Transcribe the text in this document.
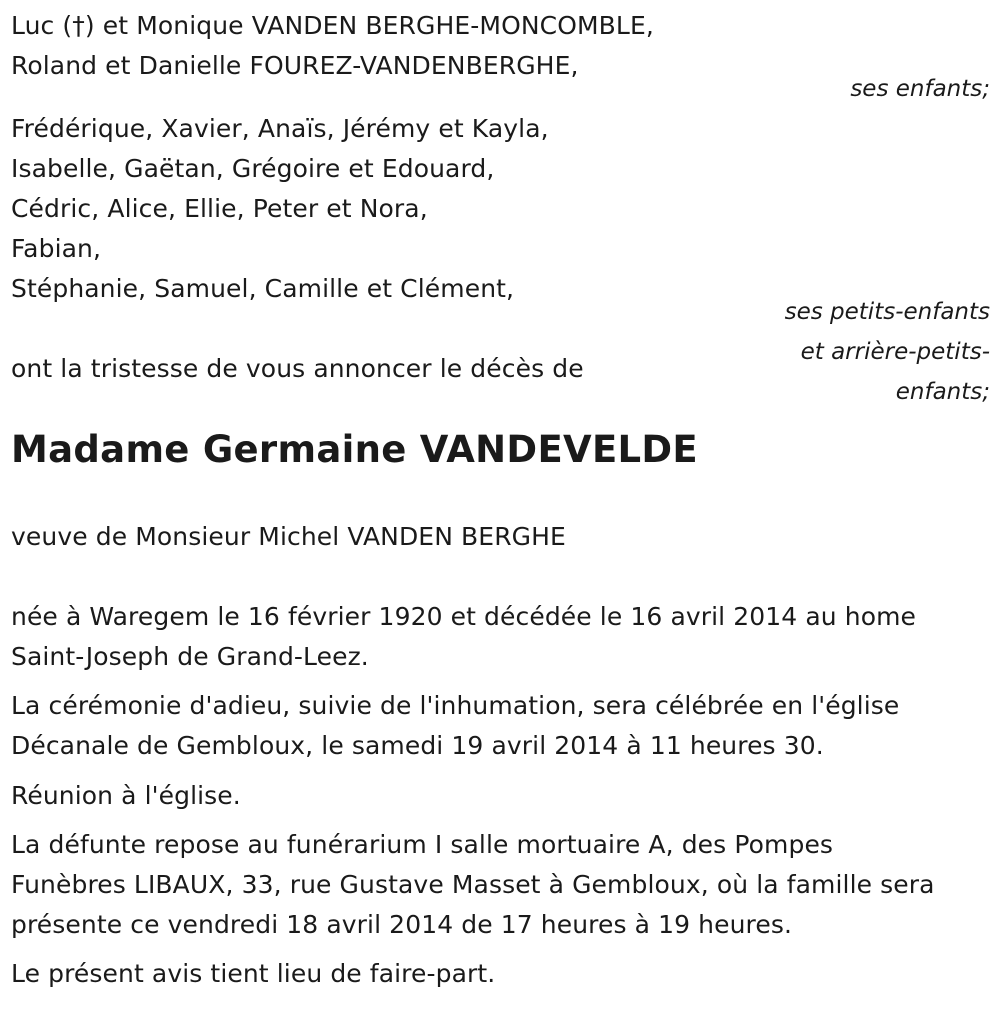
Luc (†) et Monique VANDEN BERGHE-MONCOMBLE,
Roland et Danielle FOUREZ-VANDENBERGHE,
ses enfants;
Frédérique, Xavier, Anaïs, Jérémy et Kayla,
Isabelle, Gaëtan, Grégoire et Edouard,
Cédric, Alice, Ellie, Peter et Nora,
Fabian,
Stéphanie, Samuel, Camille et Clément,
ses petits-enfants
et arrière-petits-
enfants;
ont la tristesse de vous annoncer le décès de
Madame Germaine VANDEVELDE
veuve de Monsieur Michel VANDEN BERGHE
née à Waregem le 16 février 1920 et décédée le 16 avril 2014 au home
Saint-Joseph de Grand-Leez.
La cérémonie d'adieu, suivie de l'inhumation, sera célébrée en l'église
Décanale de Gembloux, le samedi 19 avril 2014 à 11 heures 30.
Réunion à l'église.
La défunte repose au funérarium I salle mortuaire A, des Pompes
Funèbres LIBAUX, 33, rue Gustave Masset à Gembloux, où la famille sera
présente ce vendredi 18 avril 2014 de 17 heures à 19 heures.
Le présent avis tient lieu de faire-part.
